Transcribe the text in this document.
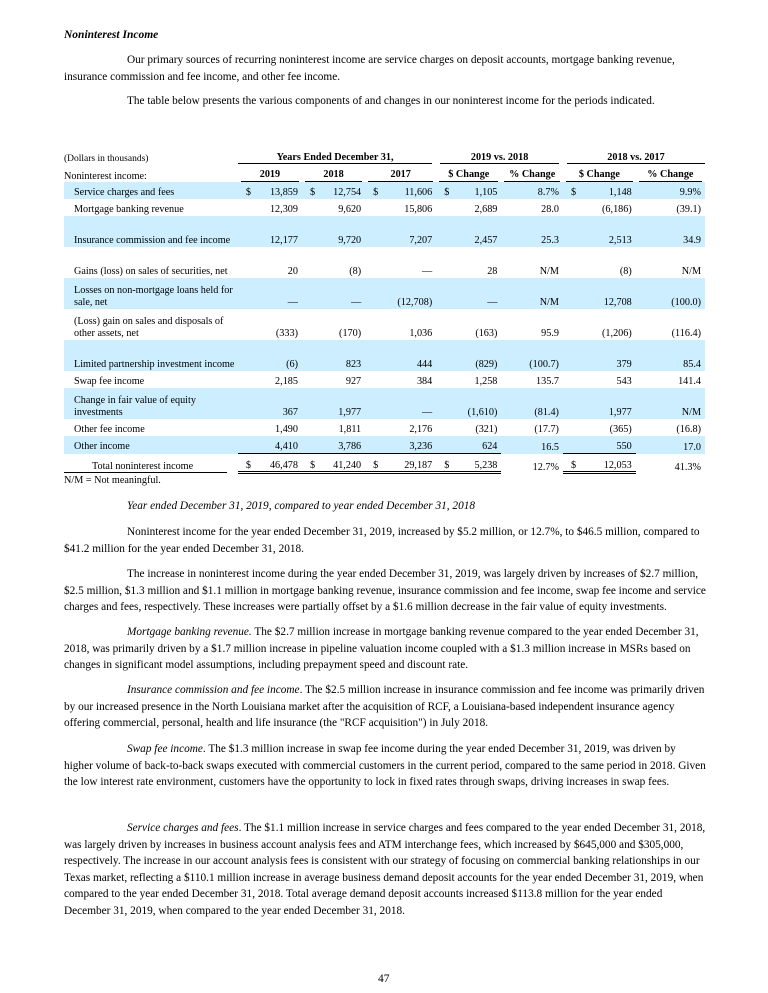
Noninterest Income

Our primary sources of recurring noninterest income are service charges on deposit accounts, mortgage banking revenue, insurance commission and fee income, and other fee income.

The table below presents the various components of and changes in our noninterest income for the periods indicated.

(Dollars in thousands)	Years Ended December 31,						2019 vs. 2018			2018 vs. 2017		
Noninterest income:	2019		2018		2017		$ Change		% Change	$ Change		% Change

Service charges and fees	$	13,859	$	12,754	$	11,606	$	1,105	8.7%	$	1,148	9.9%
Mortgage banking revenue		12,309		9,620		15,806		2,689	28.0		(6,186)	(39.1)
Insurance commission and fee income		12,177		9,720		7,207		2,457	25.3		2,513	34.9
Gains (loss) on sales of securities, net		20		(8)		—		28	N/M		(8)	N/M
Losses on non-mortgage loans held for sale, net		—		—		(12,708)		—	N/M		12,708	(100.0)
(Loss) gain on sales and disposals of other assets, net		(333)		(170)		1,036		(163)	95.9		(1,206)	(116.4)
Limited partnership investment income		(6)		823		444		(829)	(100.7)		379	85.4
Swap fee income		2,185		927		384		1,258	135.7		543	141.4
Change in fair value of equity investments		367		1,977		—		(1,610)	(81.4)		1,977	N/M
Other fee income		1,490		1,811		2,176		(321)	(17.7)		(365)	(16.8)
Other income		4,410		3,786		3,236		624	16.5		550	17.0
Total noninterest income	$	46,478	$	41,240	$	29,187	$	5,238	12.7%	$	12,053	41.3%
N/M = Not meaningful.
Year ended December 31, 2019, compared to year ended December 31, 2018

Noninterest income for the year ended December 31, 2019, increased by $5.2 million, or 12.7%, to $46.5 million, compared to $41.2 million for the year ended December 31, 2018.

The increase in noninterest income during the year ended December 31, 2019, was largely driven by increases of $2.7 million, $2.5 million, $1.3 million and $1.1 million in mortgage banking revenue, insurance commission and fee income, swap fee income and service charges and fees, respectively. These increases were partially offset by a $1.6 million decrease in the fair value of equity investments.

Mortgage banking revenue. The $2.7 million increase in mortgage banking revenue compared to the year ended December 31, 2018, was primarily driven by a $1.7 million increase in pipeline valuation income coupled with a $1.3 million increase in MSRs based on changes in significant model assumptions, including prepayment speed and discount rate.

Insurance commission and fee income. The $2.5 million increase in insurance commission and fee income was primarily driven by our increased presence in the North Louisiana market after the acquisition of RCF, a Louisiana-based independent insurance agency offering commercial, personal, health and life insurance (the "RCF acquisition") in July 2018.

Swap fee income. The $1.3 million increase in swap fee income during the year ended December 31, 2019, was driven by higher volume of back-to-back swaps executed with commercial customers in the current period, compared to the same period in 2018. Given the low interest rate environment, customers have the opportunity to lock in fixed rates through swaps, driving increases in swap fees.

Service charges and fees. The $1.1 million increase in service charges and fees compared to the year ended December 31, 2018, was largely driven by increases in business account analysis fees and ATM interchange fees, which increased by $645,000 and $305,000, respectively. The increase in our account analysis fees is consistent with our strategy of focusing on commercial banking relationships in our Texas market, reflecting a $110.1 million increase in average business demand deposit accounts for the year ended December 31, 2019, when compared to the year ended December 31, 2018. Total average demand deposit accounts increased $113.8 million for the year ended December 31, 2019, when compared to the year ended December 31, 2018.

47
